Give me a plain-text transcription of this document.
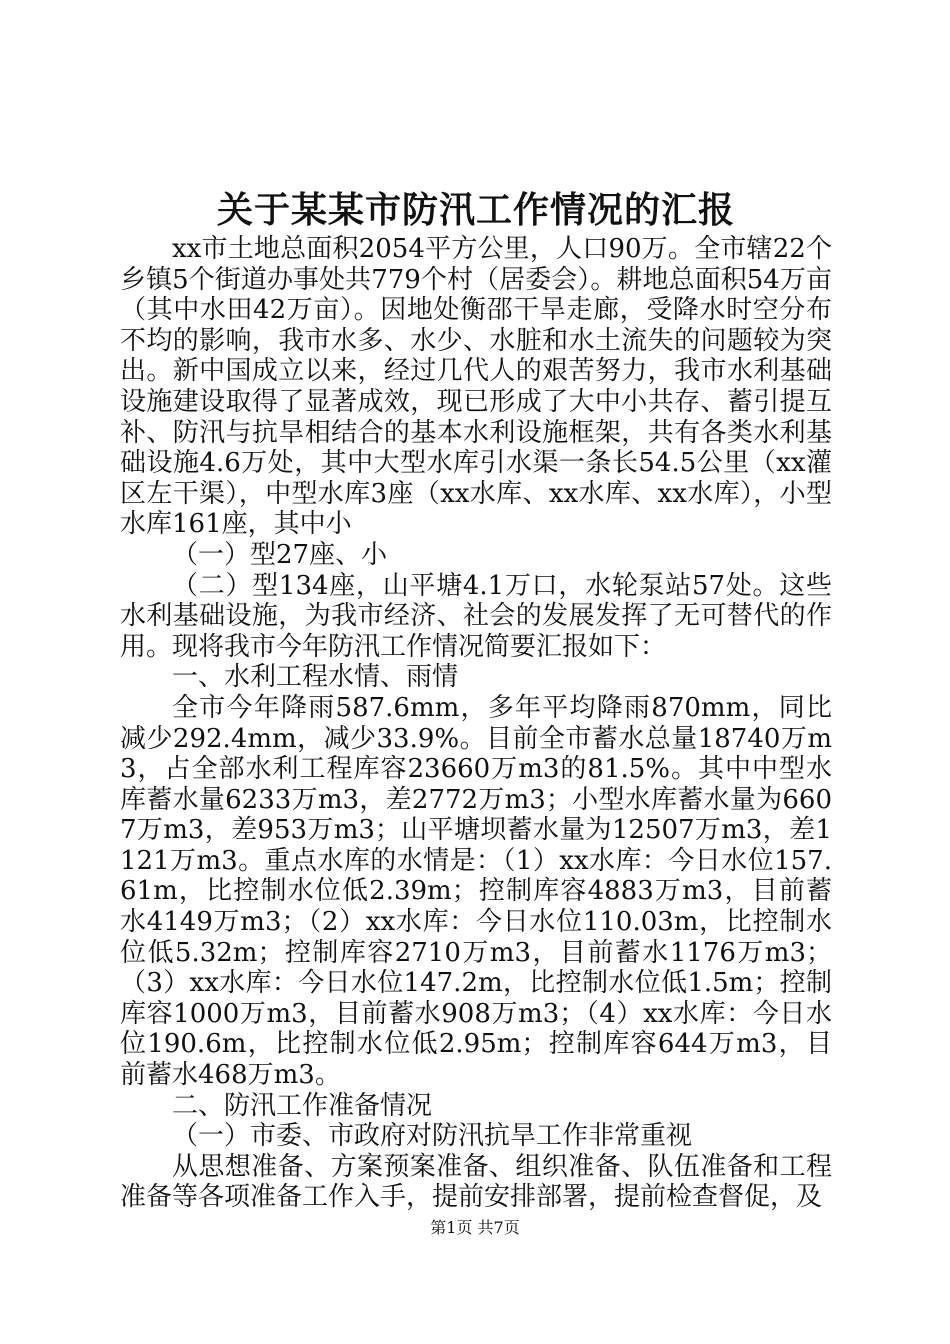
关于某某市防汛工作情况的汇报

xx市土地总面积2054平方公里，人口90万。全市辖22个乡镇5个街道办事处共779个村（居委会）。耕地总面积54万亩（其中水田42万亩）。因地处衡邵干旱走廊，受降水时空分布不均的影响，我市水多、水少、水脏和水土流失的问题较为突出。新中国成立以来，经过几代人的艰苦努力，我市水利基础设施建设取得了显著成效，现已形成了大中小共存、蓄引提互补、防汛与抗旱相结合的基本水利设施框架，共有各类水利基础设施4.6万处，其中大型水库引水渠一条长54.5公里（xx灌区左干渠），中型水库3座（xx水库、xx水库、xx水库），小型水库161座，其中小

（一）型27座、小

（二）型134座，山平塘4.1万口，水轮泵站57处。这些水利基础设施，为我市经济、社会的发展发挥了无可替代的作用。现将我市今年防汛工作情况简要汇报如下：

一、水利工程水情、雨情

全市今年降雨587.6mm，多年平均降雨870mm，同比减少292.4mm，减少33.9%。目前全市蓄水总量18740万m3，占全部水利工程库容23660万m3的81.5%。其中中型水库蓄水量6233万m3，差2772万m3；小型水库蓄水量为6607万m3，差953万m3；山平塘坝蓄水量为12507万m3，差1121万m3。重点水库的水情是：（1）xx水库：今日水位157.61m，比控制水位低2.39m；控制库容4883万m3，目前蓄水4149万m3；（2）xx水库：今日水位110.03m，比控制水位低5.32m；控制库容2710万m3，目前蓄水1176万m3；（3）xx水库：今日水位147.2m，比控制水位低1.5m；控制库容1000万m3，目前蓄水908万m3；（4）xx水库：今日水位190.6m，比控制水位低2.95m；控制库容644万m3，目前蓄水468万m3。

二、防汛工作准备情况

（一）市委、市政府对防汛抗旱工作非常重视

从思想准备、方案预案准备、组织准备、队伍准备和工程准备等各项准备工作入手，提前安排部署，提前检查督促，及

第1页 共7页
